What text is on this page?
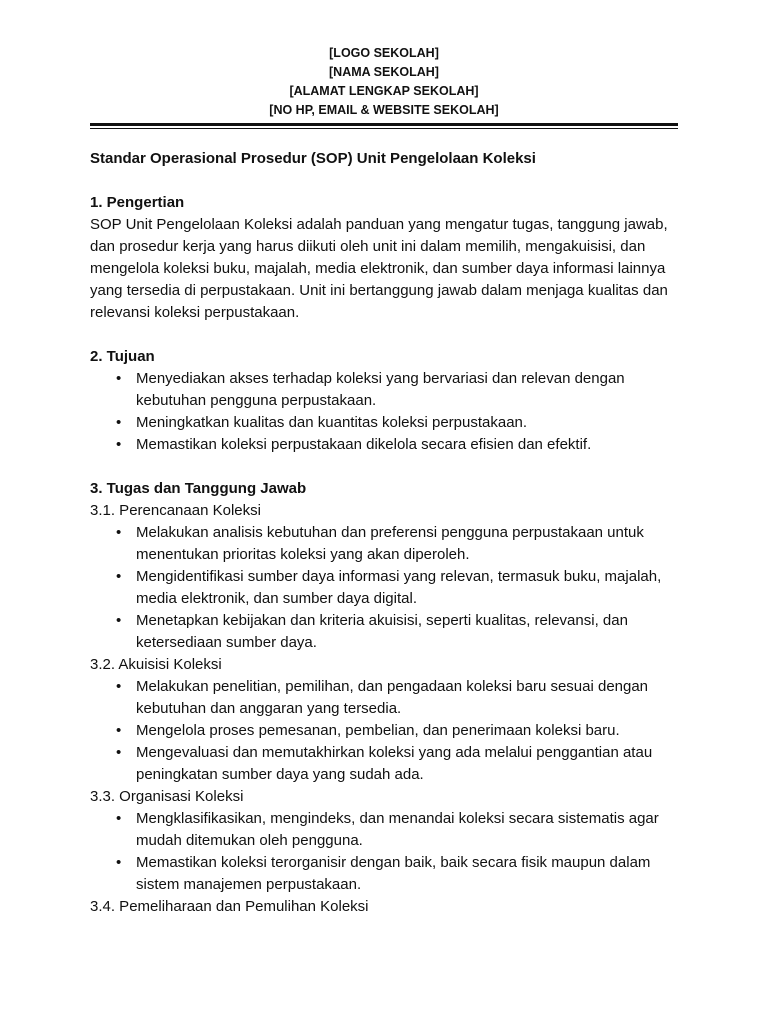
[LOGO SEKOLAH]
[NAMA SEKOLAH]
[ALAMAT LENGKAP SEKOLAH]
[NO HP, EMAIL & WEBSITE SEKOLAH]

Standar Operasional Prosedur (SOP) Unit Pengelolaan Koleksi

1. Pengertian

SOP Unit Pengelolaan Koleksi adalah panduan yang mengatur tugas, tanggung jawab, dan prosedur kerja yang harus diikuti oleh unit ini dalam memilih, mengakuisisi, dan mengelola koleksi buku, majalah, media elektronik, dan sumber daya informasi lainnya yang tersedia di perpustakaan. Unit ini bertanggung jawab dalam menjaga kualitas dan relevansi koleksi perpustakaan.

2. Tujuan

• Menyediakan akses terhadap koleksi yang bervariasi dan relevan dengan kebutuhan pengguna perpustakaan.
• Meningkatkan kualitas dan kuantitas koleksi perpustakaan.
• Memastikan koleksi perpustakaan dikelola secara efisien dan efektif.

3. Tugas dan Tanggung Jawab

3.1. Perencanaan Koleksi

• Melakukan analisis kebutuhan dan preferensi pengguna perpustakaan untuk menentukan prioritas koleksi yang akan diperoleh.
• Mengidentifikasi sumber daya informasi yang relevan, termasuk buku, majalah, media elektronik, dan sumber daya digital.
• Menetapkan kebijakan dan kriteria akuisisi, seperti kualitas, relevansi, dan ketersediaan sumber daya.

3.2. Akuisisi Koleksi

• Melakukan penelitian, pemilihan, dan pengadaan koleksi baru sesuai dengan kebutuhan dan anggaran yang tersedia.
• Mengelola proses pemesanan, pembelian, dan penerimaan koleksi baru.
• Mengevaluasi dan memutakhirkan koleksi yang ada melalui penggantian atau peningkatan sumber daya yang sudah ada.

3.3. Organisasi Koleksi

• Mengklasifikasikan, mengindeks, dan menandai koleksi secara sistematis agar mudah ditemukan oleh pengguna.
• Memastikan koleksi terorganisir dengan baik, baik secara fisik maupun dalam sistem manajemen perpustakaan.

3.4. Pemeliharaan dan Pemulihan Koleksi
